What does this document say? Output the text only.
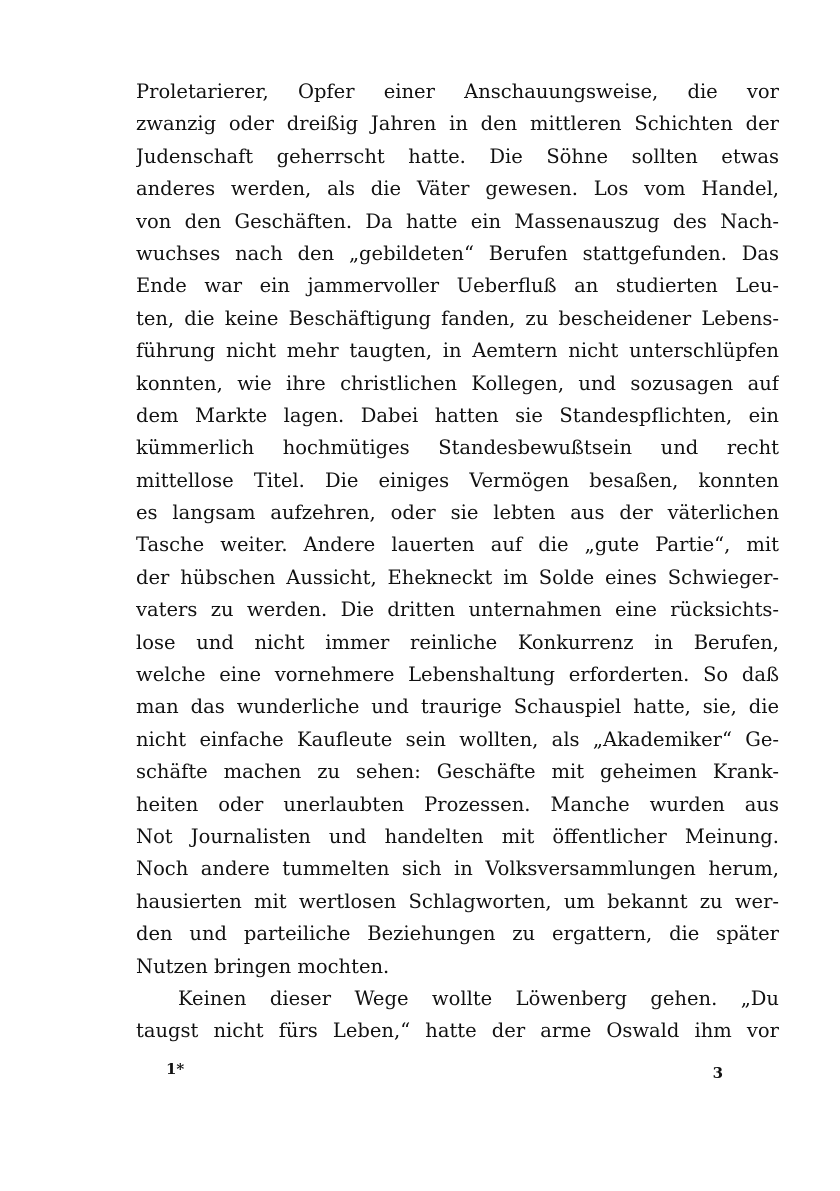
Proletarierer, Opfer einer Anschauungsweise, die vor
zwanzig oder dreißig Jahren in den mittleren Schichten der
Judenschaft geherrscht hatte. Die Söhne sollten etwas
anderes werden, als die Väter gewesen. Los vom Handel,
von den Geschäften. Da hatte ein Massenauszug des Nach-
wuchses nach den „gebildeten“ Berufen stattgefunden. Das
Ende war ein jammervoller Ueberfluß an studierten Leu-
ten, die keine Beschäftigung fanden, zu bescheidener Lebens-
führung nicht mehr taugten, in Aemtern nicht unterschlüpfen
konnten, wie ihre christlichen Kollegen, und sozusagen auf
dem Markte lagen. Dabei hatten sie Standespflichten, ein
kümmerlich hochmütiges Standesbewußtsein und recht
mittellose Titel. Die einiges Vermögen besaßen, konnten
es langsam aufzehren, oder sie lebten aus der väterlichen
Tasche weiter. Andere lauerten auf die „gute Partie“, mit
der hübschen Aussicht, Ehekneckt im Solde eines Schwieger-
vaters zu werden. Die dritten unternahmen eine rücksichts-
lose und nicht immer reinliche Konkurrenz in Berufen,
welche eine vornehmere Lebenshaltung erforderten. So daß
man das wunderliche und traurige Schauspiel hatte, sie, die
nicht einfache Kaufleute sein wollten, als „Akademiker“ Ge-
schäfte machen zu sehen: Geschäfte mit geheimen Krank-
heiten oder unerlaubten Prozessen. Manche wurden aus
Not Journalisten und handelten mit öffentlicher Meinung.
Noch andere tummelten sich in Volksversammlungen herum,
hausierten mit wertlosen Schlagworten, um bekannt zu wer-
den und parteiliche Beziehungen zu ergattern, die später
Nutzen bringen mochten.
Keinen dieser Wege wollte Löwenberg gehen. „Du
taugst nicht fürs Leben,“ hatte der arme Oswald ihm vor
1*	3
